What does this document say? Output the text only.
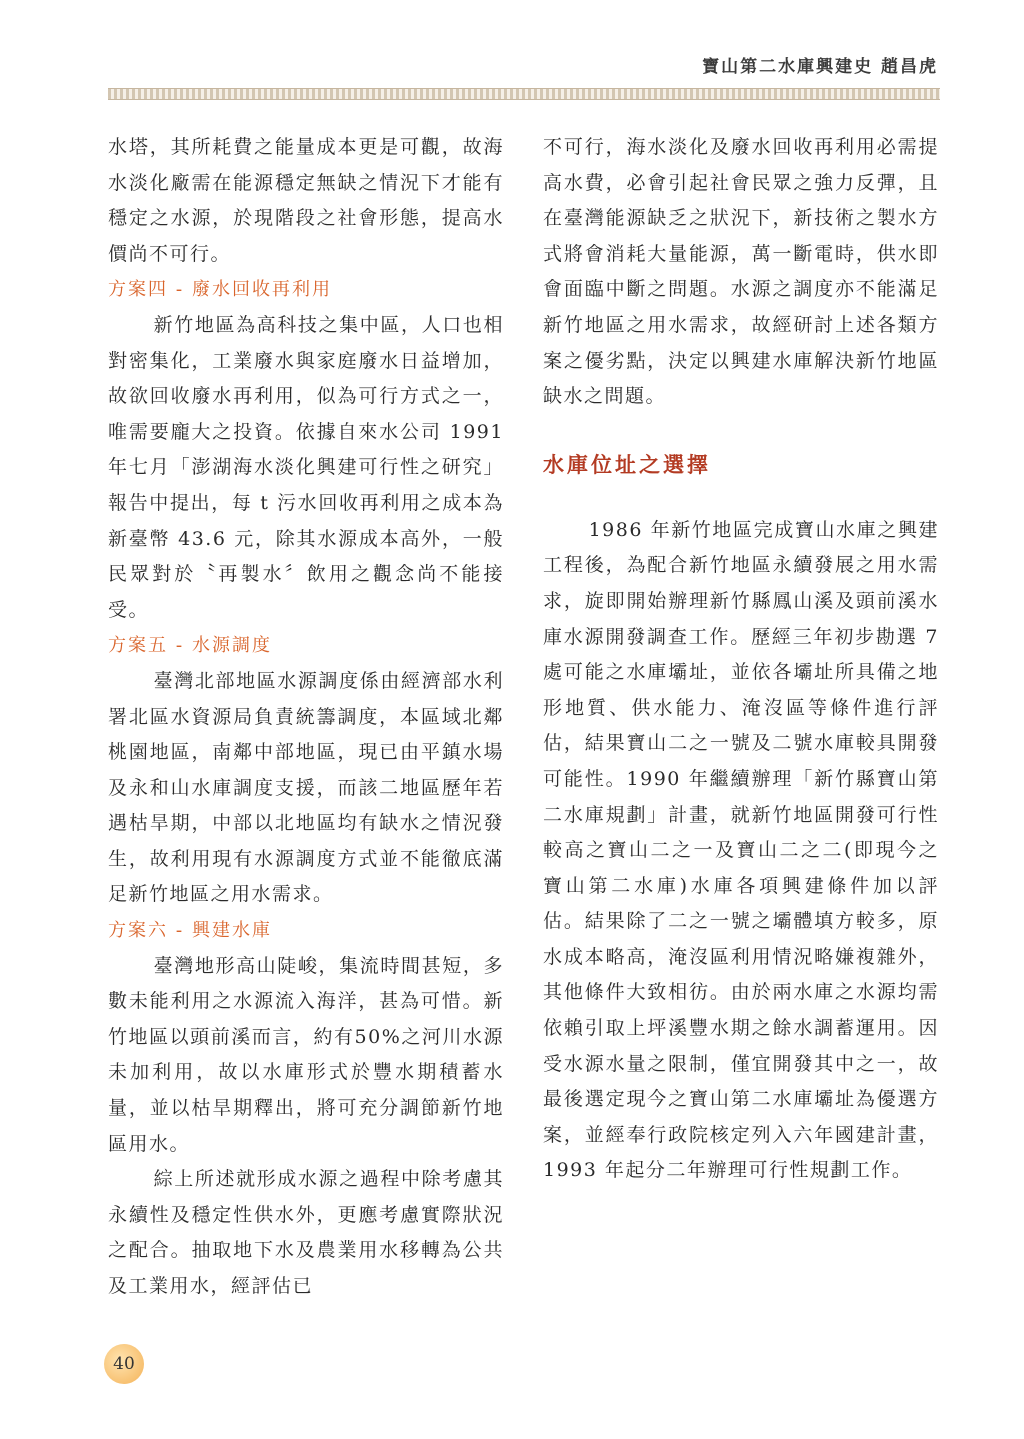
寶山第二水庫興建史 趙昌虎

水塔，其所耗費之能量成本更是可觀，故海水淡化廠需在能源穩定無缺之情況下才能有穩定之水源，於現階段之社會形態，提高水價尚不可行。

方案四 - 廢水回收再利用

新竹地區為高科技之集中區，人口也相對密集化，工業廢水與家庭廢水日益增加，故欲回收廢水再利用，似為可行方式之一，唯需要龐大之投資。依據自來水公司 1991 年七月「澎湖海水淡化興建可行性之研究」報告中提出，每 t 污水回收再利用之成本為新臺幣 43.6 元，除其水源成本高外，一般民眾對於〝再製水〞飲用之觀念尚不能接受。

方案五 - 水源調度

臺灣北部地區水源調度係由經濟部水利署北區水資源局負責統籌調度，本區域北鄰桃園地區，南鄰中部地區，現已由平鎮水場及永和山水庫調度支援，而該二地區歷年若遇枯旱期，中部以北地區均有缺水之情況發生，故利用現有水源調度方式並不能徹底滿足新竹地區之用水需求。

方案六 - 興建水庫

臺灣地形高山陡峻，集流時間甚短，多數未能利用之水源流入海洋，甚為可惜。新竹地區以頭前溪而言，約有50%之河川水源未加利用，故以水庫形式於豐水期積蓄水量，並以枯旱期釋出，將可充分調節新竹地區用水。

綜上所述就形成水源之過程中除考慮其永續性及穩定性供水外，更應考慮實際狀況之配合。抽取地下水及農業用水移轉為公共及工業用水，經評估已

不可行，海水淡化及廢水回收再利用必需提高水費，必會引起社會民眾之強力反彈，且在臺灣能源缺乏之狀況下，新技術之製水方式將會消耗大量能源，萬一斷電時，供水即會面臨中斷之問題。水源之調度亦不能滿足新竹地區之用水需求，故經研討上述各類方案之優劣點，決定以興建水庫解決新竹地區缺水之問題。

水庫位址之選擇

1986 年新竹地區完成寶山水庫之興建工程後，為配合新竹地區永續發展之用水需求，旋即開始辦理新竹縣鳳山溪及頭前溪水庫水源開發調查工作。歷經三年初步勘選 7 處可能之水庫壩址，並依各壩址所具備之地形地質、供水能力、淹沒區等條件進行評估，結果寶山二之一號及二號水庫較具開發可能性。1990 年繼續辦理「新竹縣寶山第二水庫規劃」計畫，就新竹地區開發可行性較高之寶山二之一及寶山二之二(即現今之寶山第二水庫)水庫各項興建條件加以評估。結果除了二之一號之壩體填方較多，原水成本略高，淹沒區利用情況略嫌複雜外，其他條件大致相彷。由於兩水庫之水源均需依賴引取上坪溪豐水期之餘水調蓄運用。因受水源水量之限制，僅宜開發其中之一，故最後選定現今之寶山第二水庫壩址為優選方案，並經奉行政院核定列入六年國建計畫，1993 年起分二年辦理可行性規劃工作。

40
